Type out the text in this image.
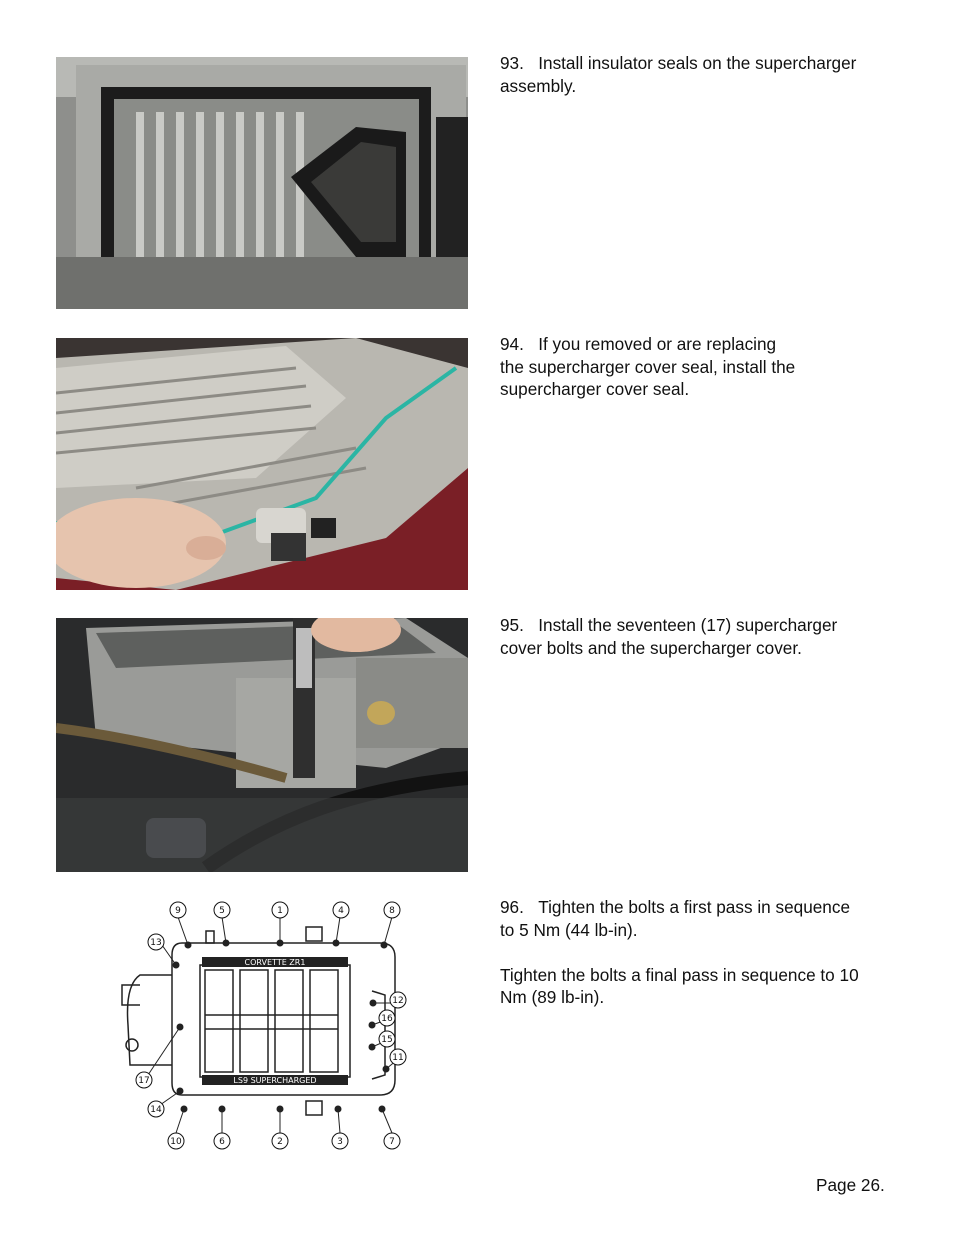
93. Install insulator seals on the supercharger

assembly.

94. If you removed or are replacing

the supercharger cover seal, install the

supercharger cover seal.

95. Install the seventeen (17) supercharger

cover bolts and the supercharger cover.

CORVETTE ZR1
LS9 SUPERCHARGED
9	5	1	4	8
13
17
14
12
16
15
11
10	6	2	3	7

96. Tighten the bolts a first pass in sequence

to 5 Nm (44 lb-in).

Tighten the bolts a final pass in sequence to 10

Nm (89 lb-in).

Page 26.
